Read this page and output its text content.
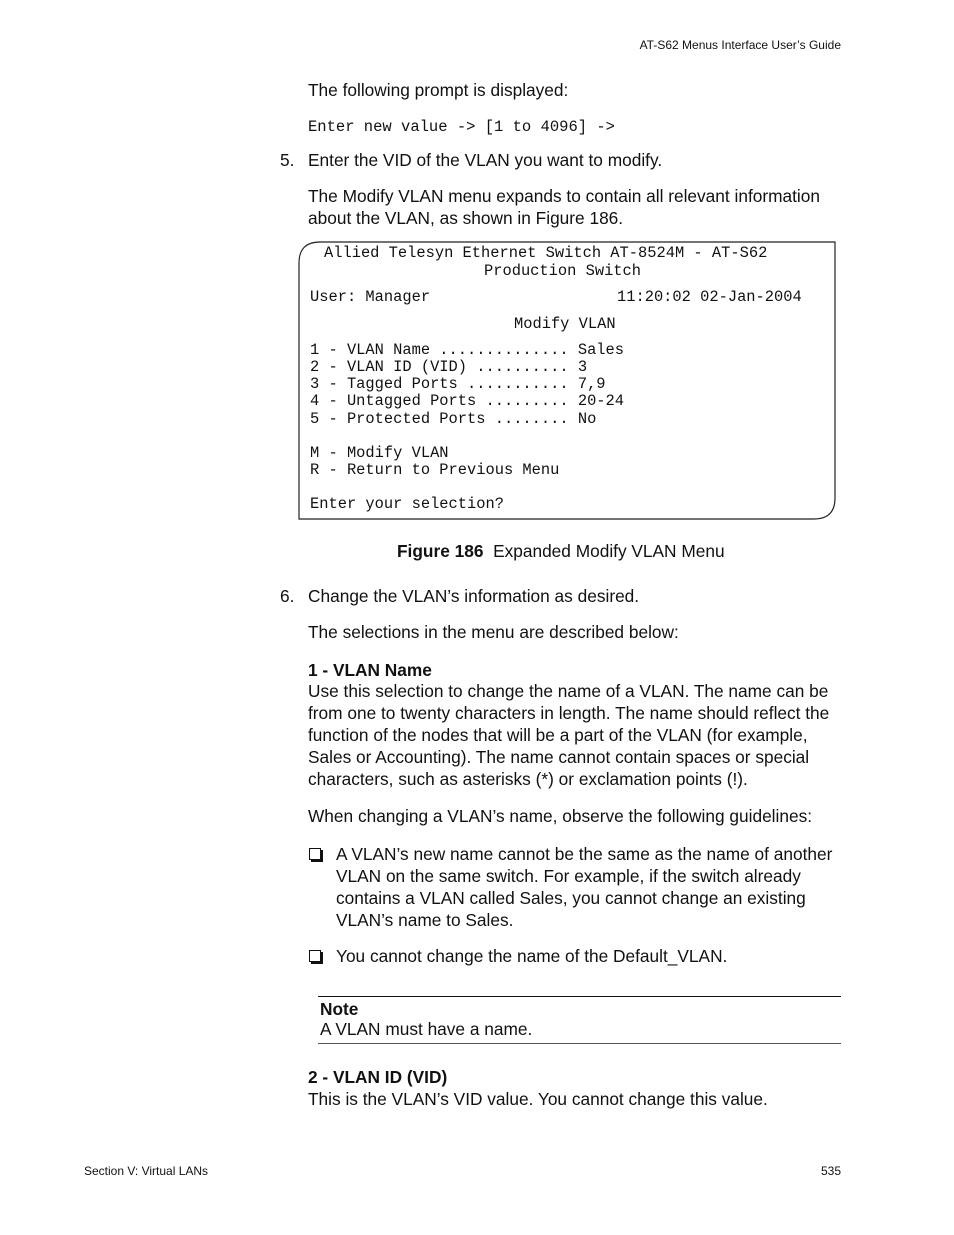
AT-S62 Menus Interface User’s Guide
The following prompt is displayed:
Enter new value -> [1 to 4096] ->
5. Enter the VID of the VLAN you want to modify.
The Modify VLAN menu expands to contain all relevant information
about the VLAN, as shown in Figure 186.
Allied Telesyn Ethernet Switch AT-8524M - AT-S62
Production Switch
User: Manager	11:20:02 02-Jan-2004
Modify VLAN
1 - VLAN Name .............. Sales
2 - VLAN ID (VID) .......... 3
3 - Tagged Ports ........... 7,9
4 - Untagged Ports ......... 20-24
5 - Protected Ports ........ No
M - Modify VLAN
R - Return to Previous Menu
Enter your selection?
Figure 186 Expanded Modify VLAN Menu
6. Change the VLAN’s information as desired.
The selections in the menu are described below:
1 - VLAN Name
Use this selection to change the name of a VLAN. The name can be
from one to twenty characters in length. The name should reflect the
function of the nodes that will be a part of the VLAN (for example,
Sales or Accounting). The name cannot contain spaces or special
characters, such as asterisks (*) or exclamation points (!).
When changing a VLAN’s name, observe the following guidelines:
A VLAN’s new name cannot be the same as the name of another
VLAN on the same switch. For example, if the switch already
contains a VLAN called Sales, you cannot change an existing
VLAN’s name to Sales.
You cannot change the name of the Default_VLAN.
Note
A VLAN must have a name.
2 - VLAN ID (VID)
This is the VLAN’s VID value. You cannot change this value.
Section V: Virtual LANs	535
